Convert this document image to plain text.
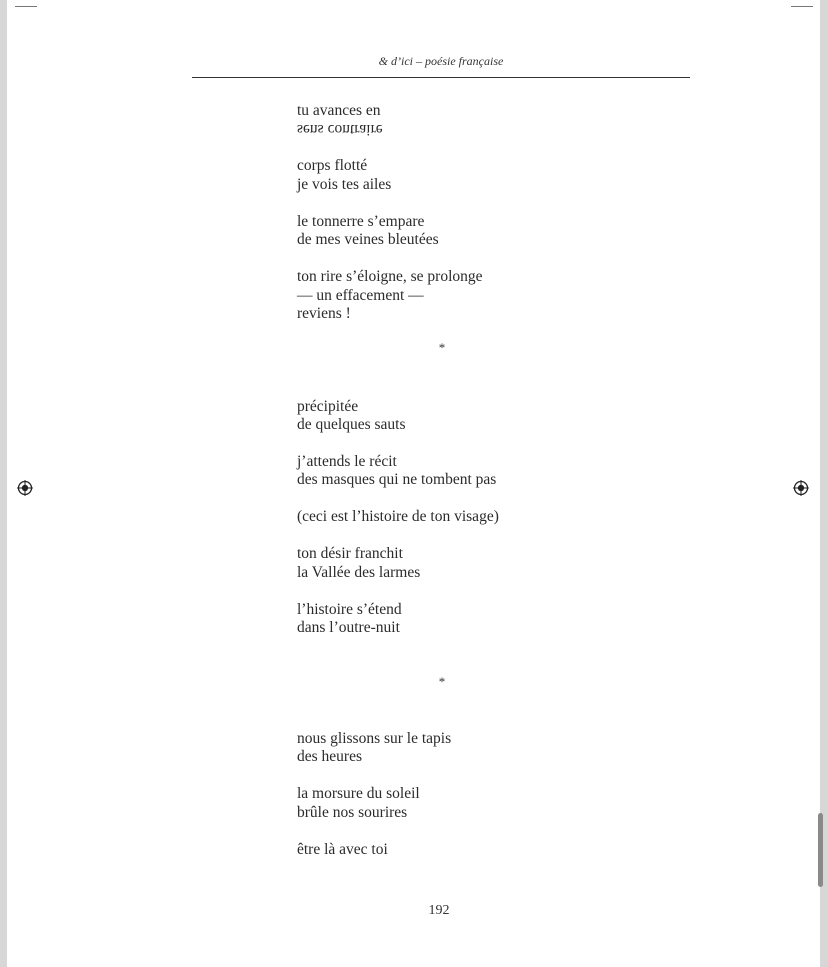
& d’ici – poésie française
tu avances en
sens contraire
corps flotté
je vois tes ailes
le tonnerre s’empare
de mes veines bleutées
ton rire s’éloigne, se prolonge
— un effacement —
reviens !
*
précipitée
de quelques sauts
j’attends le récit
des masques qui ne tombent pas
(ceci est l’histoire de ton visage)
ton désir franchit
la Vallée des larmes
l’histoire s’étend
dans l’outre-nuit
*
nous glissons sur le tapis
des heures
la morsure du soleil
brûle nos sourires
être là avec toi
192
